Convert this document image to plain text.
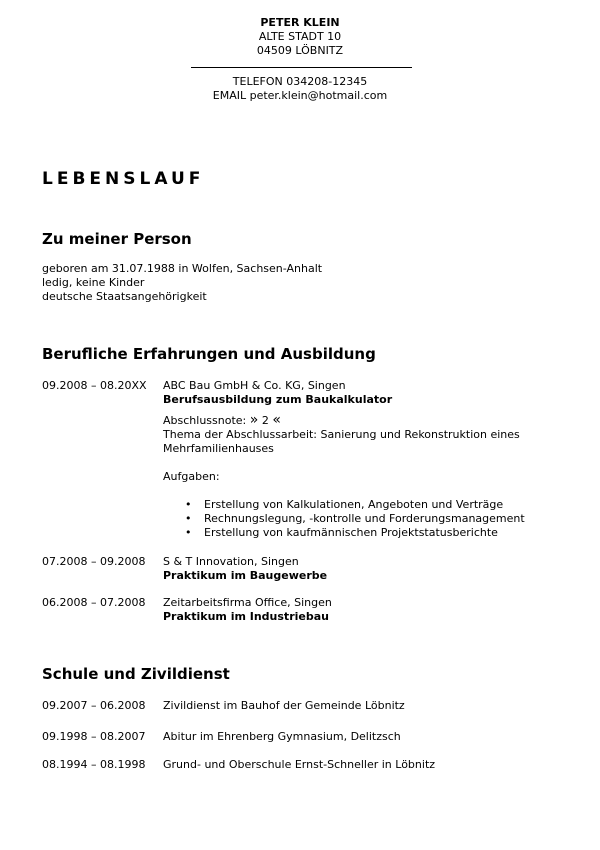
PETER KLEIN
ALTE STADT 10
04509 LÖBNITZ
TELEFON 034208-12345
EMAIL peter.klein@hotmail.com
LEBENSLAUF
Zu meiner Person
geboren am 31.07.1988 in Wolfen, Sachsen-Anhalt
ledig, keine Kinder
deutsche Staatsangehörigkeit
Berufliche Erfahrungen und Ausbildung
09.2008 – 08.20XX	ABC Bau GmbH & Co. KG, Singen
Berufsausbildung zum Baukalkulator
Abschlussnote: » 2 «
Thema der Abschlussarbeit: Sanierung und Rekonstruktion eines
Mehrfamilienhauses
Aufgaben:
• Erstellung von Kalkulationen, Angeboten und Verträge
• Rechnungslegung, -kontrolle und Forderungsmanagement
• Erstellung von kaufmännischen Projektstatusberichte
07.2008 – 09.2008	S & T Innovation, Singen
Praktikum im Baugewerbe
06.2008 – 07.2008	Zeitarbeitsfirma Office, Singen
Praktikum im Industriebau
Schule und Zivildienst
09.2007 – 06.2008	Zivildienst im Bauhof der Gemeinde Löbnitz
09.1998 – 08.2007	Abitur im Ehrenberg Gymnasium, Delitzsch
08.1994 – 08.1998	Grund- und Oberschule Ernst-Schneller in Löbnitz
